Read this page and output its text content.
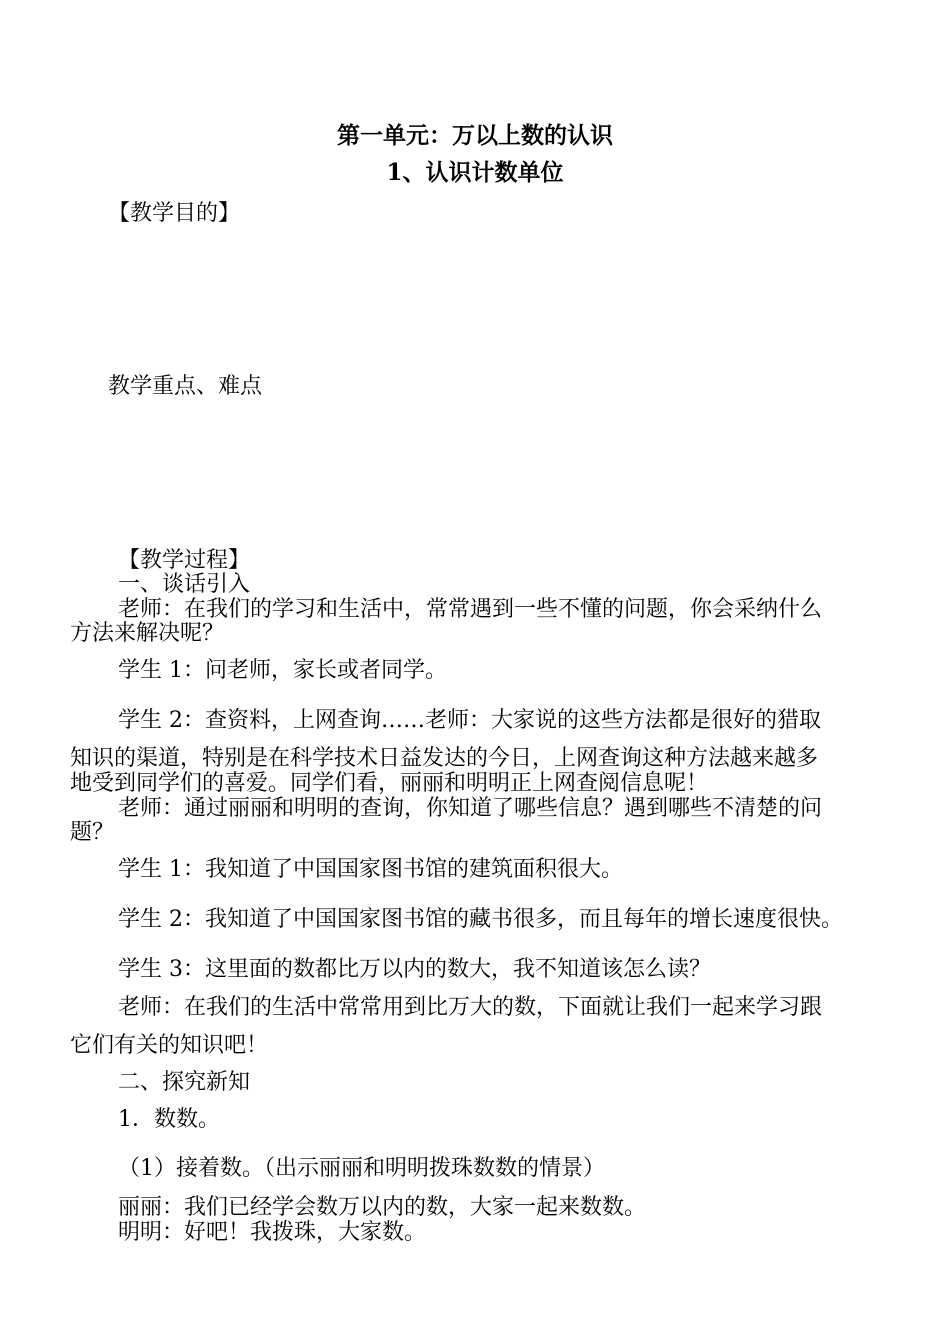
第一单元：万以上数的认识
1、认识计数单位
【教学目的】
教学重点、难点
【教学过程】
一、谈话引入
老师：在我们的学习和生活中，常常遇到一些不懂的问题，你会采纳什么
方法来解决呢？
学生 1：问老师，家长或者同学。
学生 2：查资料，上网查询……老师：大家说的这些方法都是很好的猎取
知识的渠道，特别是在科学技术日益发达的今日，上网查询这种方法越来越多
地受到同学们的喜爱。同学们看，丽丽和明明正上网查阅信息呢！
老师：通过丽丽和明明的查询，你知道了哪些信息？遇到哪些不清楚的问
题？
学生 1：我知道了中国国家图书馆的建筑面积很大。
学生 2：我知道了中国国家图书馆的藏书很多，而且每年的增长速度很快。
学生 3：这里面的数都比万以内的数大，我不知道该怎么读？
老师：在我们的生活中常常用到比万大的数，下面就让我们一起来学习跟
它们有关的知识吧！
二、探究新知
1．数数。
（1）接着数。（出示丽丽和明明拨珠数数的情景）
丽丽：我们已经学会数万以内的数，大家一起来数数。
明明：好吧！我拨珠，大家数。
